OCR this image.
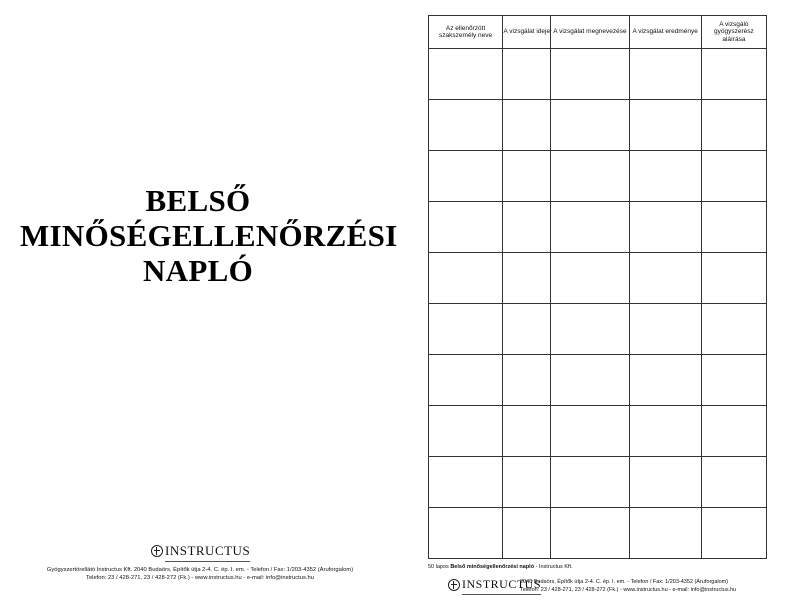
BELSŐ
MINŐSÉGELLENŐRZÉSI
NAPLÓ
INSTRUCTUS
Gyógyszertörellátó Instructus Kft. 2040 Budaörs, Építők útja 2-4. C. ép. I. em. - Telefon / Fax: 1/203-4352 (Áruforgalom)
Telefon: 23 / 428-271, 23 / 428-272 (Fk.) - www.instructus.hu - e-mail: info@instructus.hu
Az ellenőrzött szakszemély neve	A vizsgálat ideje	A vizsgálat megnevezése	A vizsgálat eredménye	A vizsgáló gyógyszerész aláírása

50 lapos Belső minőségellenőrzési napló - Instructus Kft.
INSTRUCTUS
2040 Budaörs, Építők útja 2-4. C. ép. I. em. - Telefon / Fax: 1/203-4352 (Áruforgalom)
Telefon: 23 / 428-271, 23 / 428-272 (Fk.) - www.instructus.hu - e-mail: info@instructus.hu
